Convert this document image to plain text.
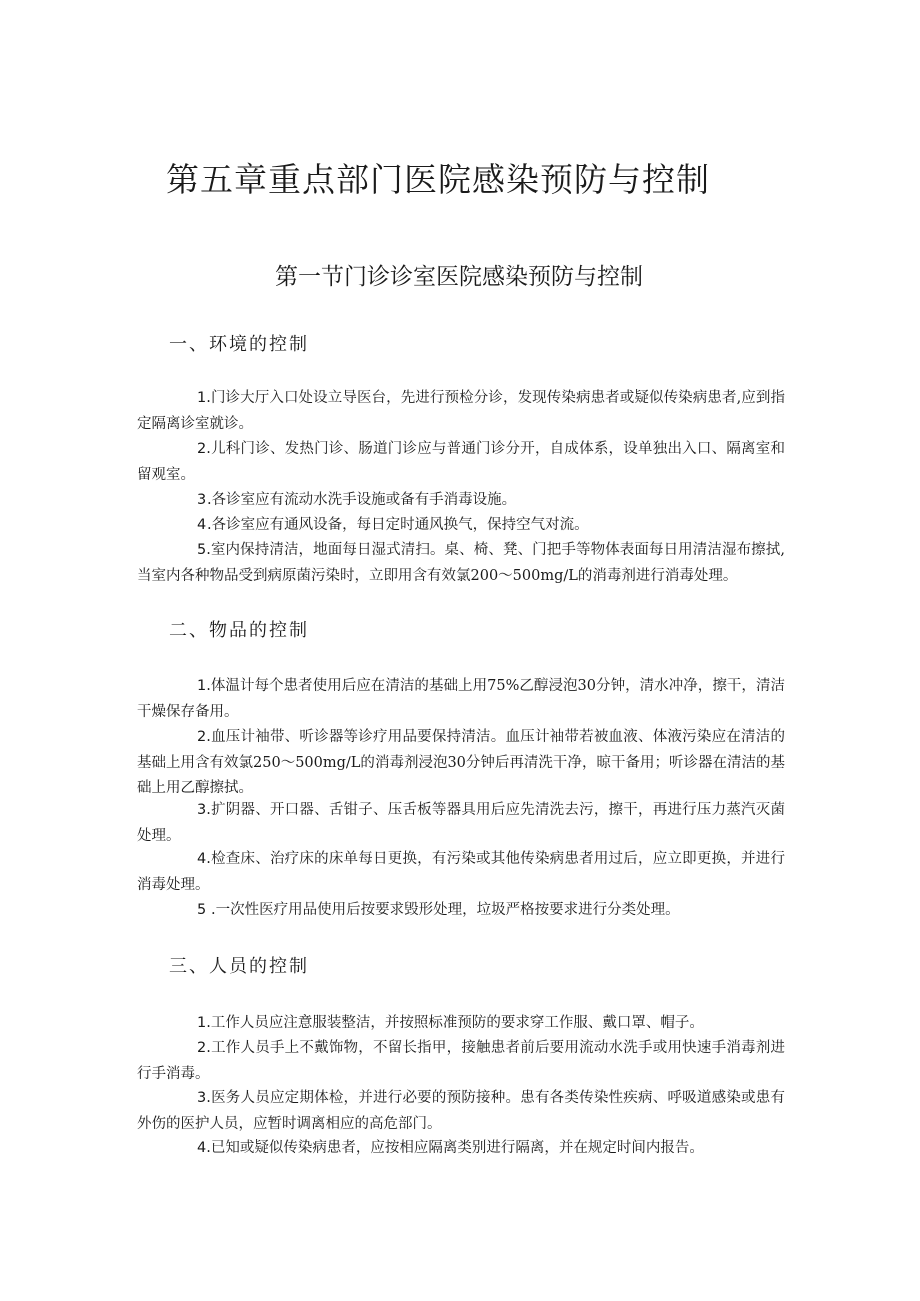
第五章重点部门医院感染预防与控制
第一节门诊诊室医院感染预防与控制
一、环境的控制

1.门诊大厅入口处设立导医台，先进行预检分诊，发现传染病患者或疑似传染病患者,应到指定隔离诊室就诊。

2.儿科门诊、发热门诊、肠道门诊应与普通门诊分开，自成体系，设单独出入口、隔离室和留观室。

3.各诊室应有流动水洗手设施或备有手消毒设施。

4.各诊室应有通风设备，每日定时通风换气，保持空气对流。

5.室内保持清洁，地面每日湿式清扫。桌、椅、凳、门把手等物体表面每日用清洁湿布擦拭,当室内各种物品受到病原菌污染时，立即用含有效氯200～500mg∕L的消毒剂进行消毒处理。

二、物品的控制

1.体温计每个患者使用后应在清洁的基础上用75%乙醇浸泡30分钟，清水冲净，擦干，清洁干燥保存备用。

2.血压计袖带、听诊器等诊疗用品要保持清洁。血压计袖带若被血液、体液污染应在清洁的基础上用含有效氯250～500mg∕L的消毒剂浸泡30分钟后再清洗干净，晾干备用；听诊器在清洁的基础上用乙醇擦拭。

3.扩阴器、开口器、舌钳子、压舌板等器具用后应先清洗去污，擦干，再进行压力蒸汽灭菌处理。

4.检查床、治疗床的床单每日更换，有污染或其他传染病患者用过后，应立即更换，并进行消毒处理。

5 .一次性医疗用品使用后按要求毁形处理，垃圾严格按要求进行分类处理。

三、人员的控制

1.工作人员应注意服装整洁，并按照标准预防的要求穿工作服、戴口罩、帽子。

2.工作人员手上不戴饰物，不留长指甲，接触患者前后要用流动水洗手或用快速手消毒剂进行手消毒。

3.医务人员应定期体检，并进行必要的预防接种。患有各类传染性疾病、呼吸道感染或患有外伤的医护人员，应暂时调离相应的高危部门。

4.已知或疑似传染病患者，应按相应隔离类别进行隔离，并在规定时间内报告。
